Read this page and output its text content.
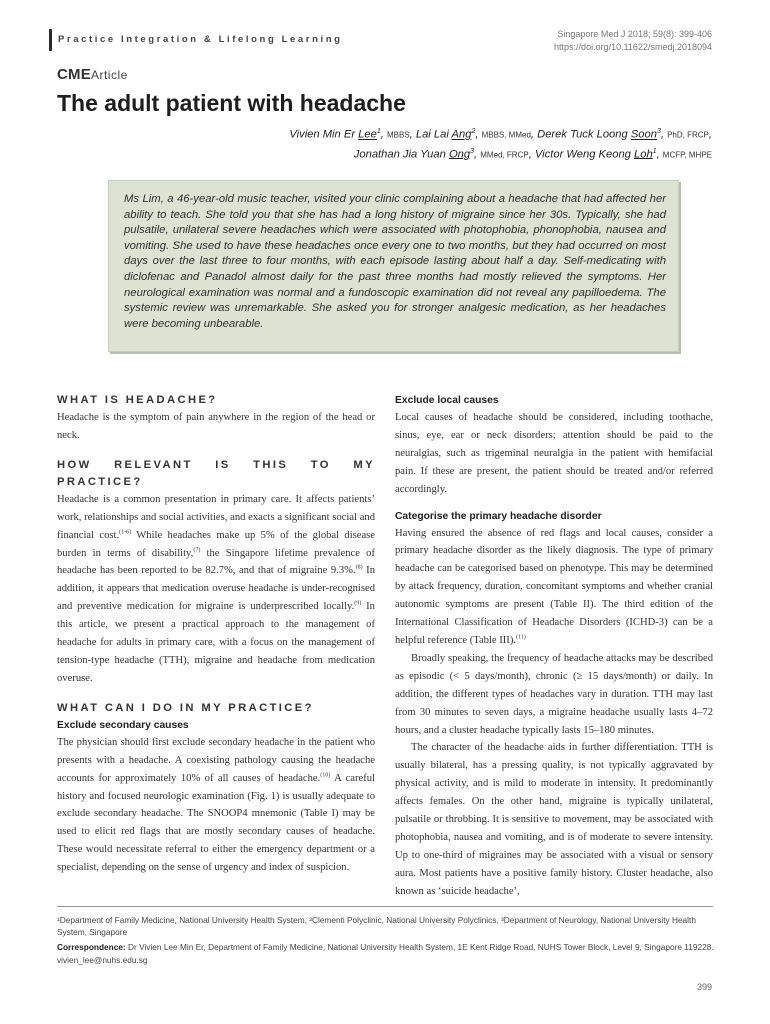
Practice Integration & Lifelong Learning	Singapore Med J 2018; 59(8): 399-406
https://doi.org/10.11622/smedj.2018094
CMEArticle
The adult patient with headache
Vivien Min Er Lee$^1$, MBBS, Lai Lai Ang$^2$, MBBS, MMed, Derek Tuck Loong Soon$^3$, PhD, FRCP,
Jonathan Jia Yuan Ong$^3$, MMed, FRCP, Victor Weng Keong Loh$^1$, MCFP, MHPE
Ms Lim, a 46-year-old music teacher, visited your clinic complaining about a headache that had affected her ability to teach. She told you that she has had a long history of migraine since her 30s. Typically, she had pulsatile, unilateral severe headaches which were associated with photophobia, phonophobia, nausea and vomiting. She used to have these headaches once every one to two months, but they had occurred on most days over the last three to four months, with each episode lasting about half a day. Self-medicating with diclofenac and Panadol almost daily for the past three months had mostly relieved the symptoms. Her neurological examination was normal and a fundoscopic examination did not reveal any papilloedema. The systemic review was unremarkable. She asked you for stronger analgesic medication, as her headaches were becoming unbearable.
WHAT IS HEADACHE?

Headache is the symptom of pain anywhere in the region of the head or neck.

HOW RELEVANT IS THIS TO MY PRACTICE?

Headache is a common presentation in primary care. It affects patients’ work, relationships and social activities, and exacts a significant social and financial cost.$^{(1-6)}$ While headaches make up 5% of the global disease burden in terms of disability,$^{(7)}$ the Singapore lifetime prevalence of headache has been reported to be 82.7%, and that of migraine 9.3%.$^{(8)}$ In addition, it appears that medication overuse headache is under-recognised and preventive medication for migraine is underprescribed locally.$^{(9)}$ In this article, we present a practical approach to the management of headache for adults in primary care, with a focus on the management of tension-type headache (TTH), migraine and headache from medication overuse.

WHAT CAN I DO IN MY PRACTICE?
Exclude secondary causes

The physician should first exclude secondary headache in the patient who presents with a headache. A coexisting pathology causing the headache accounts for approximately 10% of all causes of headache.$^{(10)}$ A careful history and focused neurologic examination (Fig. 1) is usually adequate to exclude secondary headache. The SNOOP4 mnemonic (Table I) may be used to elicit red flags that are mostly secondary causes of headache. These would necessitate referral to either the emergency department or a specialist, depending on the sense of urgency and index of suspicion.

Exclude local causes

Local causes of headache should be considered, including toothache, sinus, eye, ear or neck disorders; attention should be paid to the neuralgias, such as trigeminal neuralgia in the patient with hemifacial pain. If these are present, the patient should be treated and/or referred accordingly.

Categorise the primary headache disorder

Having ensured the absence of red flags and local causes, consider a primary headache disorder as the likely diagnosis. The type of primary headache can be categorised based on phenotype. This may be determined by attack frequency, duration, concomitant symptoms and whether cranial autonomic symptoms are present (Table II). The third edition of the International Classification of Headache Disorders (ICHD-3) can be a helpful reference (Table III).$^{(11)}$

Broadly speaking, the frequency of headache attacks may be described as episodic (< 5 days/month), chronic (≥ 15 days/month) or daily. In addition, the different types of headaches vary in duration. TTH may last from 30 minutes to seven days, a migraine headache usually lasts 4–72 hours, and a cluster headache typically lasts 15–180 minutes.

The character of the headache aids in further differentiation. TTH is usually bilateral, has a pressing quality, is not typically aggravated by physical activity, and is mild to moderate in intensity. It predominantly affects females. On the other hand, migraine is typically unilateral, pulsatile or throbbing. It is sensitive to movement, may be associated with photophobia, nausea and vomiting, and is of moderate to severe intensity. Up to one-third of migraines may be associated with a visual or sensory aura. Most patients have a positive family history. Cluster headache, also known as ‘suicide headache’,

¹Department of Family Medicine, National University Health System, ²Clementi Polyclinic, National University Polyclinics, ³Department of Neurology, National University Health System, Singapore
Correspondence: Dr Vivien Lee Min Er, Department of Family Medicine, National University Health System, 1E Kent Ridge Road, NUHS Tower Block, Level 9, Singapore 119228. vivien_lee@nuhs.edu.sg
399
